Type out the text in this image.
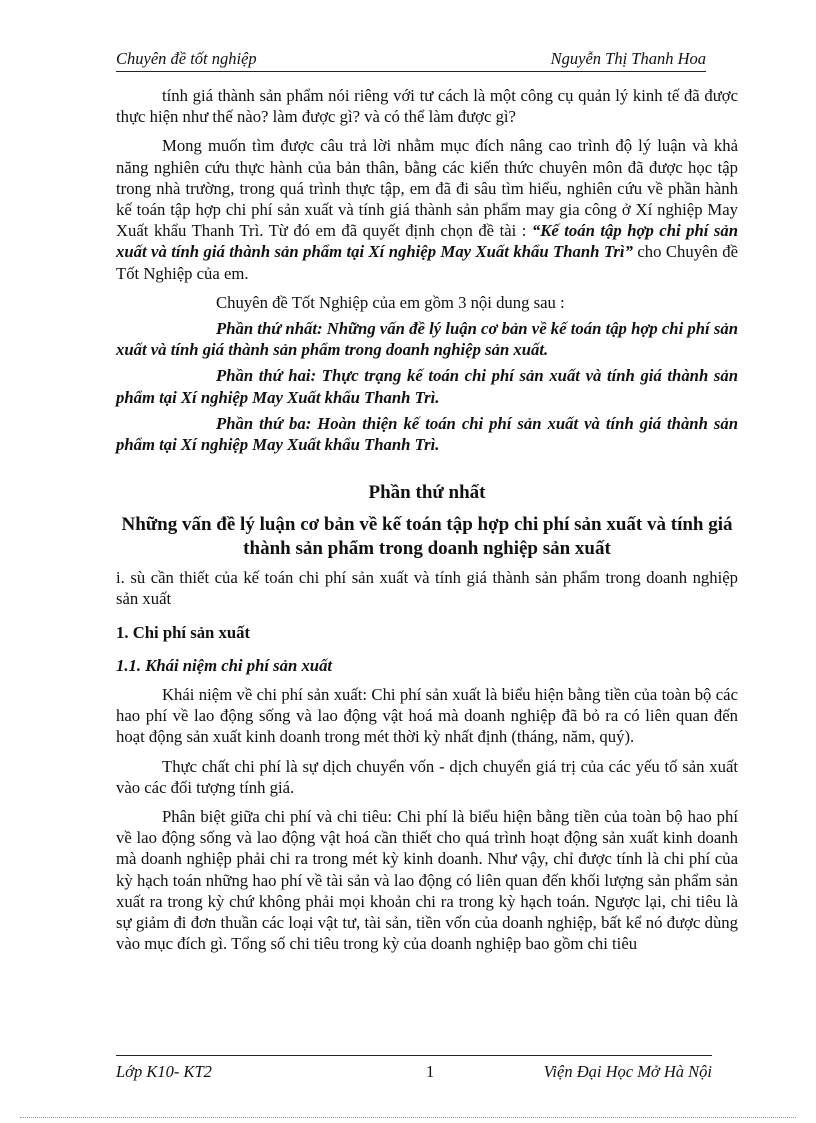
Chuyên đề tốt nghiệp	Nguyễn Thị Thanh Hoa

tính giá thành sản phẩm nói riêng với tư cách là một công cụ quản lý kinh tế đã được thực hiện như thế nào? làm được gì? và có thể làm được gì?

Mong muốn tìm được câu trả lời nhằm mục đích nâng cao trình độ lý luận và khả năng nghiên cứu thực hành của bản thân, bằng các kiến thức chuyên môn đã được học tập trong nhà trường, trong quá trình thực tập, em đã đi sâu tìm hiểu, nghiên cứu về phần hành kế toán tập hợp chi phí sản xuất và tính giá thành sản phẩm may gia công ở Xí nghiệp May Xuất khẩu Thanh Trì. Từ đó em đã quyết định chọn đề tài : “Kế toán tập hợp chi phí sản xuất và tính giá thành sản phẩm tại Xí nghiệp May Xuất khẩu Thanh Trì” cho Chuyên đề Tốt Nghiệp của em.

Chuyên đề Tốt Nghiệp của em gồm 3 nội dung sau :

Phần thứ nhất: Những vấn đề lý luận cơ bản về kế toán tập hợp chi phí sản xuất và tính giá thành sản phẩm trong doanh nghiệp sản xuất.

Phần thứ hai: Thực trạng kế toán chi phí sản xuất và tính giá thành sản phẩm tại Xí nghiệp May Xuất khẩu Thanh Trì.

Phần thứ ba: Hoàn thiện kế toán chi phí sản xuất và tính giá thành sản phẩm tại Xí nghiệp May Xuất khẩu Thanh Trì.

Phần thứ nhất
Những vấn đề lý luận cơ bản về kế toán tập hợp chi phí sản xuất và tính giá thành sản phẩm trong doanh nghiệp sản xuất
i. sù cần thiết của kế toán chi phí sản xuất và tính giá thành sản phẩm trong doanh nghiệp sản xuất
1. Chi phí sản xuất
1.1. Khái niệm chi phí sản xuất

Khái niệm về chi phí sản xuất: Chi phí sản xuất là biểu hiện bằng tiền của toàn bộ các hao phí về lao động sống và lao động vật hoá mà doanh nghiệp đã bỏ ra có liên quan đến hoạt động sản xuất kinh doanh trong mét thời kỳ nhất định (tháng, năm, quý).

Thực chất chi phí là sự dịch chuyển vốn - dịch chuyển giá trị của các yếu tố sản xuất vào các đối tượng tính giá.

Phân biệt giữa chi phí và chi tiêu: Chi phí là biểu hiện bằng tiền của toàn bộ hao phí về lao động sống và lao động vật hoá cần thiết cho quá trình hoạt động sản xuất kinh doanh mà doanh nghiệp phải chi ra trong mét kỳ kinh doanh. Như vậy, chỉ được tính là chi phí của kỳ hạch toán những hao phí về tài sản và lao động có liên quan đến khối lượng sản phẩm sản xuất ra trong kỳ chứ không phải mọi khoản chi ra trong kỳ hạch toán. Ngược lại, chi tiêu là sự giảm đi đơn thuần các loại vật tư, tài sản, tiền vốn của doanh nghiệp, bất kể nó được dùng vào mục đích gì. Tổng số chi tiêu trong kỳ của doanh nghiệp bao gồm chi tiêu

Lớp K10- KT2	1	Viện Đại Học Mở Hà Nội
